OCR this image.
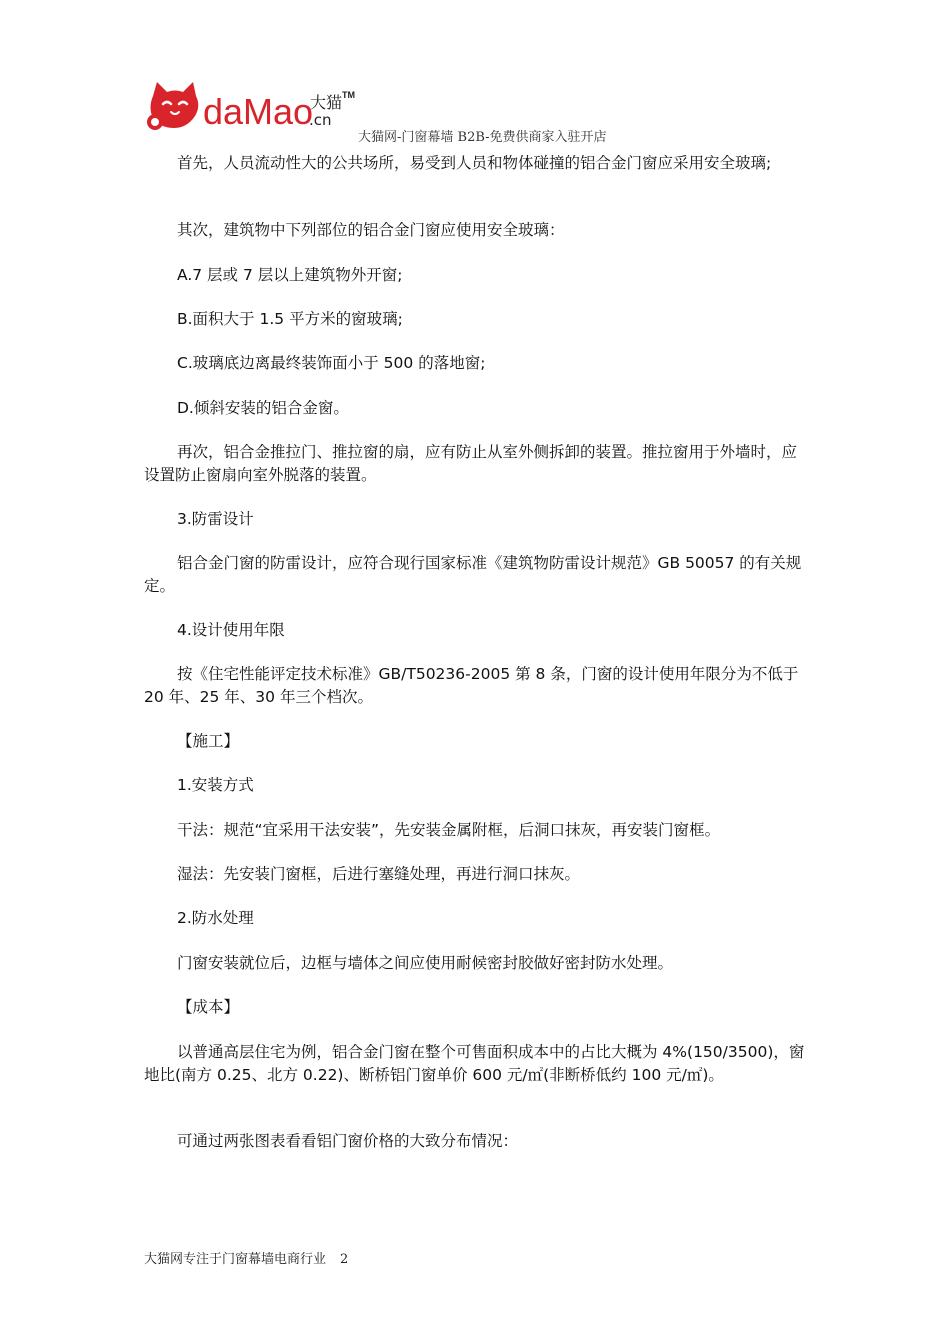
daMao
大猫
.cn
TM
大猫网-门窗幕墙 B2B-免费供商家入驻开店

首先，人员流动性大的公共场所，易受到人员和物体碰撞的铝合金门窗应采用安全玻璃;

其次，建筑物中下列部位的铝合金门窗应使用安全玻璃：

A.7 层或 7 层以上建筑物外开窗;

B.面积大于 1.5 平方米的窗玻璃;

C.玻璃底边离最终装饰面小于 500 的落地窗;

D.倾斜安装的铝合金窗。

再次，铝合金推拉门、推拉窗的扇，应有防止从室外侧拆卸的装置。推拉窗用于外墙时，应设置防止窗扇向室外脱落的装置。

3.防雷设计

铝合金门窗的防雷设计，应符合现行国家标准《建筑物防雷设计规范》GB 50057 的有关规定。

4.设计使用年限

按《住宅性能评定技术标准》GB/T50236-2005 第 8 条，门窗的设计使用年限分为不低于 20 年、25 年、30 年三个档次。

【施工】

1.安装方式

干法：规范“宜采用干法安装”，先安装金属附框，后洞口抹灰，再安装门窗框。

湿法：先安装门窗框，后进行塞缝处理，再进行洞口抹灰。

2.防水处理

门窗安装就位后，边框与墙体之间应使用耐候密封胶做好密封防水处理。

【成本】

以普通高层住宅为例，铝合金门窗在整个可售面积成本中的占比大概为 4%(150/3500)，窗地比(南方 0.25、北方 0.22)、断桥铝门窗单价 600 元/㎡(非断桥低约 100 元/㎡)。

可通过两张图表看看铝门窗价格的大致分布情况：

大猫网专注于门窗幕墙电商行业 2
